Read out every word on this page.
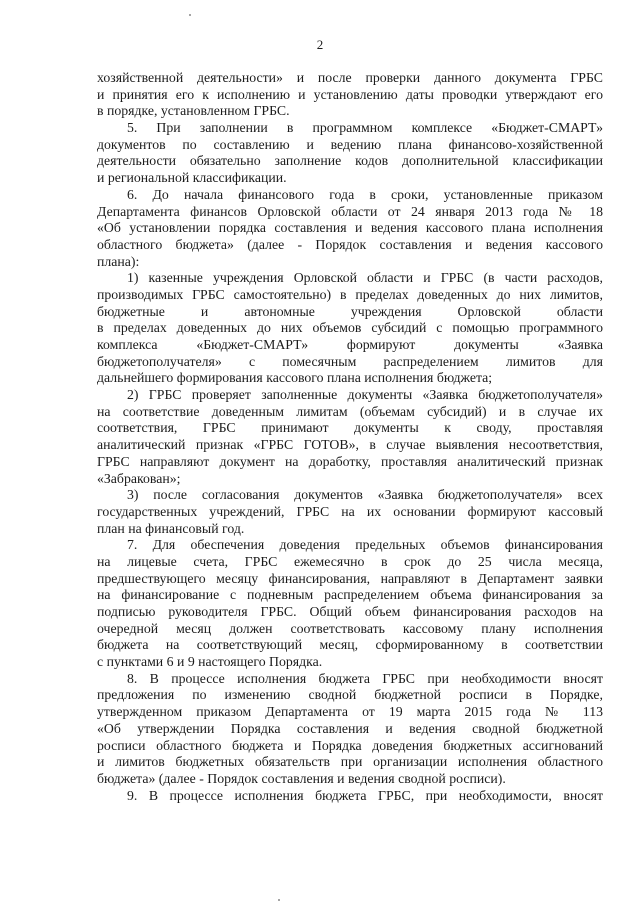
2
хозяйственной деятельности» и после проверки данного документа ГРБС
и принятия его к исполнению и установлению даты проводки утверждают его
в порядке, установленном ГРБС.
5. При заполнении в программном комплексе «Бюджет-СМАРТ»
документов по составлению и ведению плана финансово-хозяйственной
деятельности обязательно заполнение кодов дополнительной классификации
и региональной классификации.
6. До начала финансового года в сроки, установленные приказом
Департамента финансов Орловской области от 24 января 2013 года № 18
«Об установлении порядка составления и ведения кассового плана исполнения
областного бюджета» (далее - Порядок составления и ведения кассового
плана):
1) казенные учреждения Орловской области и ГРБС (в части расходов,
производимых ГРБС самостоятельно) в пределах доведенных до них лимитов,
бюджетные и автономные учреждения Орловской области
в пределах доведенных до них объемов субсидий с помощью программного
комплекса «Бюджет-СМАРТ» формируют документы «Заявка
бюджетополучателя» с помесячным распределением лимитов для
дальнейшего формирования кассового плана исполнения бюджета;
2) ГРБС проверяет заполненные документы «Заявка бюджетополучателя»
на соответствие доведенным лимитам (объемам субсидий) и в случае их
соответствия, ГРБС принимают документы к своду, проставляя
аналитический признак «ГРБС ГОТОВ», в случае выявления несоответствия,
ГРБС направляют документ на доработку, проставляя аналитический признак
«Забракован»;
3) после согласования документов «Заявка бюджетополучателя» всех
государственных учреждений, ГРБС на их основании формируют кассовый
план на финансовый год.
7. Для обеспечения доведения предельных объемов финансирования
на лицевые счета, ГРБС ежемесячно в срок до 25 числа месяца,
предшествующего месяцу финансирования, направляют в Департамент заявки
на финансирование с подневным распределением объема финансирования за
подписью руководителя ГРБС. Общий объем финансирования расходов на
очередной месяц должен соответствовать кассовому плану исполнения
бюджета на соответствующий месяц, сформированному в соответствии
с пунктами 6 и 9 настоящего Порядка.
8. В процессе исполнения бюджета ГРБС при необходимости вносят
предложения по изменению сводной бюджетной росписи в Порядке,
утвержденном приказом Департамента от 19 марта 2015 года № 113
«Об утверждении Порядка составления и ведения сводной бюджетной
росписи областного бюджета и Порядка доведения бюджетных ассигнований
и лимитов бюджетных обязательств при организации исполнения областного
бюджета» (далее - Порядок составления и ведения сводной росписи).
9. В процессе исполнения бюджета ГРБС, при необходимости, вносят
